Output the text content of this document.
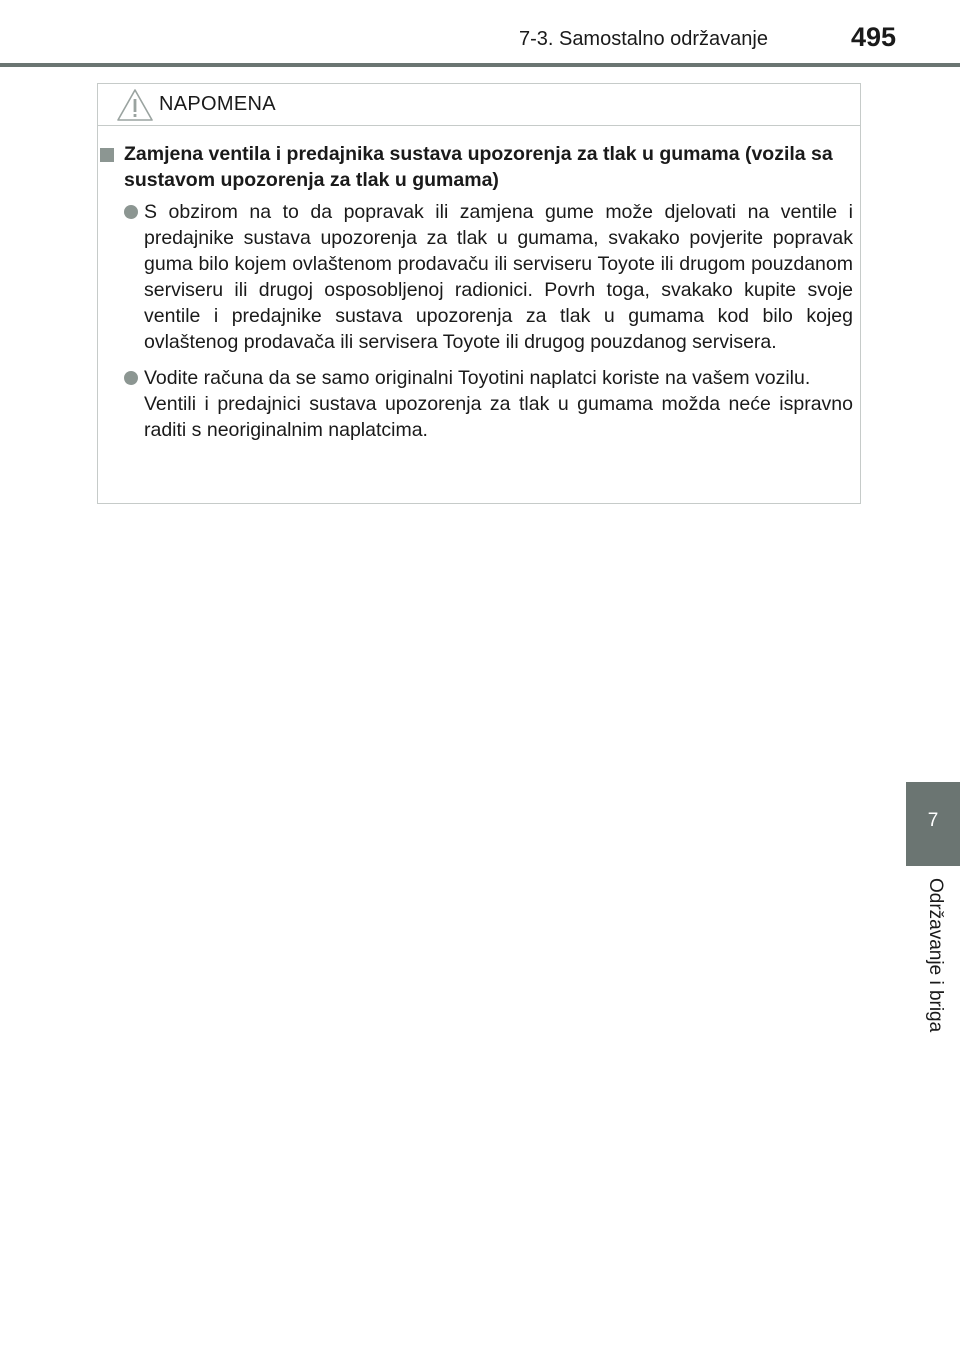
7-3. Samostalno održavanje	495
NAPOMENA
Zamjena ventila i predajnika sustava upozorenja za tlak u gumama (vozila sa sustavom upozorenja za tlak u gumama)

S obzirom na to da popravak ili zamjena gume može djelovati na ventile i predajnike sustava upozorenja za tlak u gumama, svakako povjerite popravak guma bilo kojem ovlaštenom prodavaču ili serviseru Toyote ili drugom pouzdanom serviseru ili drugoj osposobljenoj radionici. Povrh toga, svakako kupite svoje ventile i predajnike sustava upozorenja za tlak u gumama kod bilo kojeg ovlaštenog prodavača ili servisera Toyote ili drugog pouzdanog servisera.

Vodite računa da se samo originalni Toyotini naplatci koriste na vašem vozilu.

Ventili i predajnici sustava upozorenja za tlak u gumama možda neće ispravno raditi s neoriginalnim naplatcima.

7
Održavanje i briga
